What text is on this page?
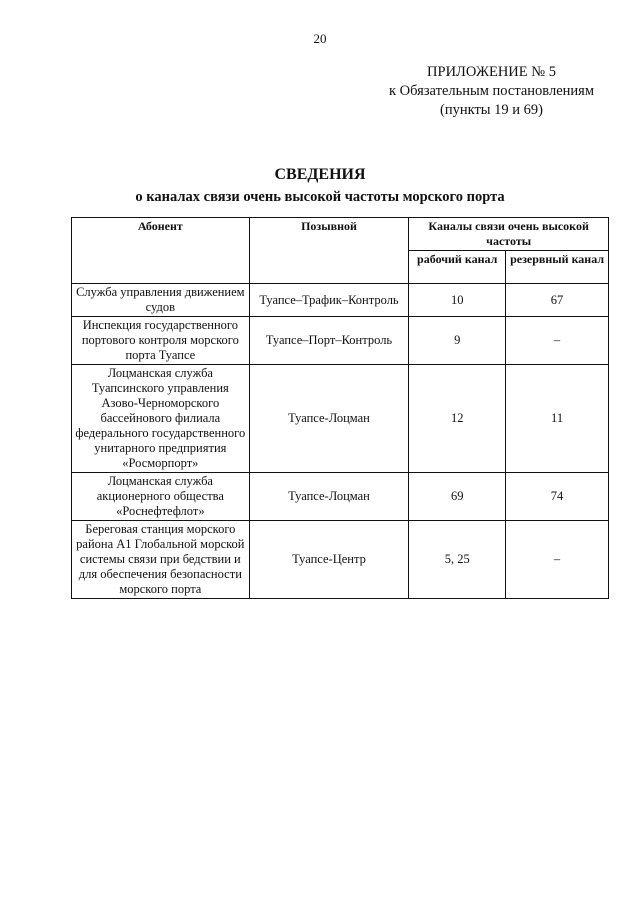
20
ПРИЛОЖЕНИЕ № 5
к Обязательным постановлениям
(пункты 19 и 69)
СВЕДЕНИЯ
о каналах связи очень высокой частоты морского порта
Абонент	Позывной	Каналы связи очень высокой частоты	
		рабочий канал	резервный канал
Служба управления движением судов	Туапсе–Трафик–Контроль	10	67
Инспекция государственного портового контроля морского порта Туапсе	Туапсе–Порт–Контроль	9	–
Лоцманская служба Туапсинского управления Азово-Черноморского бассейнового филиала федерального государственного унитарного предприятия «Росморпорт»	Туапсе-Лоцман	12	11
Лоцманская служба акционерного общества «Роснефтефлот»	Туапсе-Лоцман	69	74
Береговая станция морского района А1 Глобальной морской системы связи при бедствии и для обеспечения безопасности морского порта	Туапсе-Центр	5, 25	–
